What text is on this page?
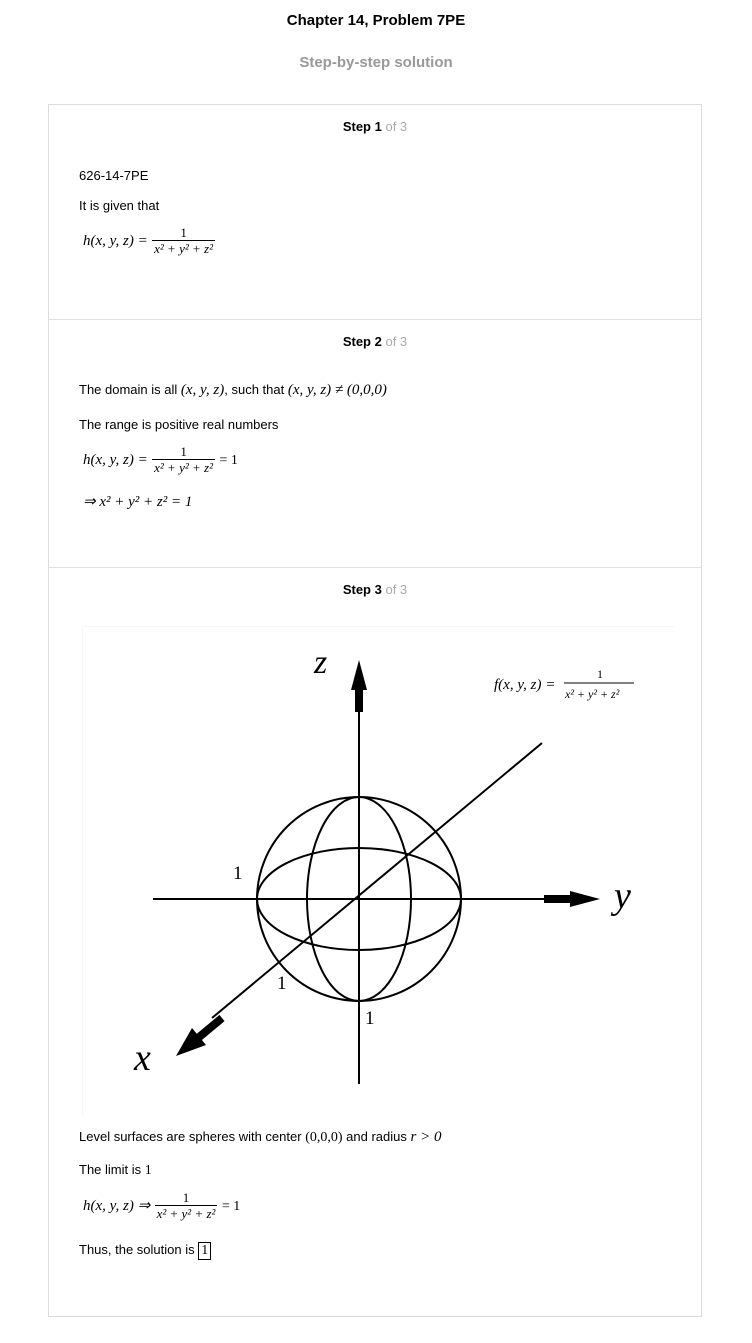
Chapter 14, Problem 7PE
Step-by-step solution
Step 1 of 3
626-14-7PE
It is given that
h(x, y, $z) = \frac{1}{\text{x² + y² + z²}}$
Step 2 of 3
The domain is all (x, y, z), such that (x, y, z) ≠ (0,0,0)
The range is positive real numbers
h(x, y, $z) = \frac{1}{\text{x² + y² + z²}} = 1$
⇒ x² + y² + z² = 1
Step 3 of 3
z
y
x
1
1
1
f(x, y, z) =
1
x² + y² + z²
Level surfaces are spheres with center (0,0,0) and radius r > 0
The limit is 1
h(x, y, z) ⇒ $\frac{1}{\text{x² + y² + z²}} = 1$
Thus, the solution is 1
